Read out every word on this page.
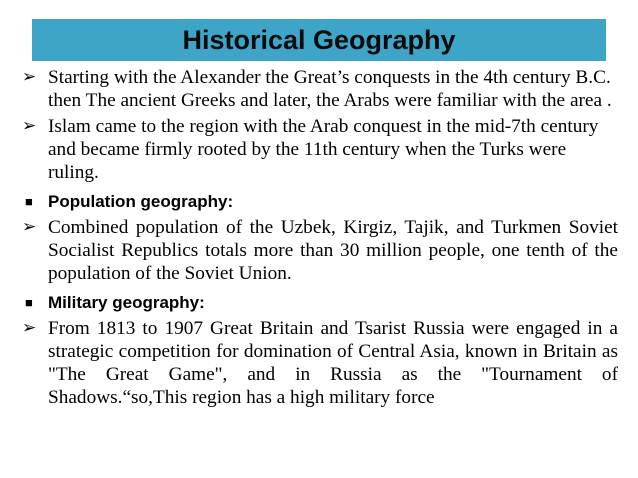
Historical Geography
➢ Starting with the Alexander the Great’s conquests in the 4th century B.C. then The ancient Greeks and later, the Arabs were familiar with the area .
➢ Islam came to the region with the Arab conquest in the mid-7th century and became firmly rooted by the 11th century when the Turks were ruling.
■ Population geography:
➢ Combined population of the Uzbek, Kirgiz, Tajik, and Turkmen Soviet Socialist Republics totals more than 30 million people, one tenth of the population of the Soviet Union.
■ Military geography:
➢ From 1813 to 1907 Great Britain and Tsarist Russia were engaged in a strategic competition for domination of Central Asia, known in Britain as "The Great Game", and in Russia as the "Tournament of Shadows.“so,This region has a high military force
